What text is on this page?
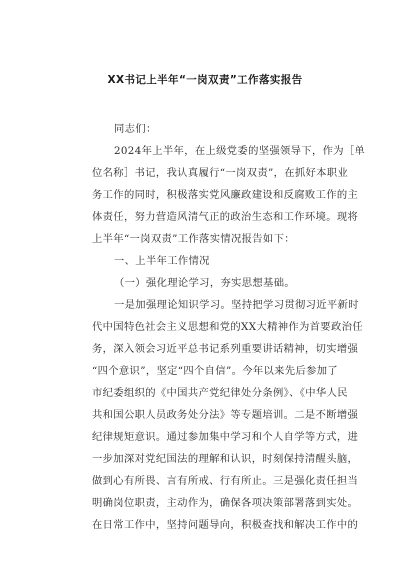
XX书记上半年“一岗双责”工作落实报告
同志们：
2024年上半年，在上级党委的坚强领导下，作为［单
位名称］书记，我认真履行“一岗双责”，在抓好本职业
务工作的同时，积极落实党风廉政建设和反腐败工作的主
体责任，努力营造风清气正的政治生态和工作环境。现将
上半年“一岗双责”工作落实情况报告如下：
一、上半年工作情况
（一）强化理论学习，夯实思想基础。
一是加强理论知识学习。坚持把学习贯彻习近平新时
代中国特色社会主义思想和党的XX大精神作为首要政治任
务，深入领会习近平总书记系列重要讲话精神，切实增强
“四个意识”，坚定“四个自信”。今年以来先后参加了
市纪委组织的《中国共产党纪律处分条例》、《中华人民
共和国公职人员政务处分法》等专题培训。二是不断增强
纪律规矩意识。通过参加集中学习和个人自学等方式，进
一步加深对党纪国法的理解和认识，时刻保持清醒头脑，
做到心有所畏、言有所戒、行有所止。三是强化责任担当
明确岗位职责，主动作为，确保各项决策部署落到实处。
在日常工作中，坚持问题导向，积极查找和解决工作中的
